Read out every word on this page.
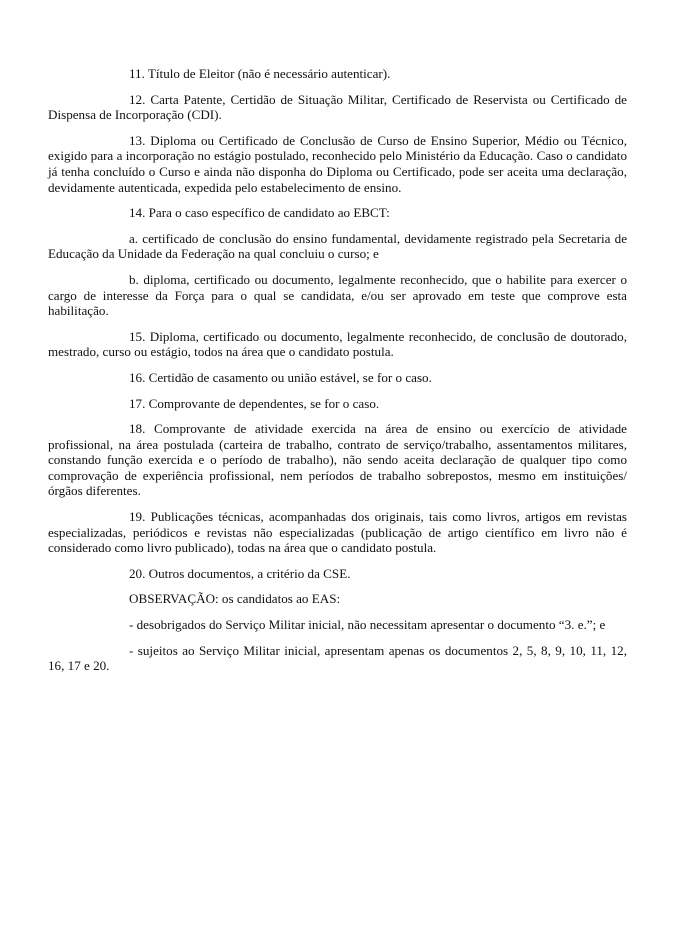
11. Título de Eleitor (não é necessário autenticar).

12. Carta Patente, Certidão de Situação Militar, Certificado de Reservista ou Certificado de Dispensa de Incorporação (CDI).

13. Diploma ou Certificado de Conclusão de Curso de Ensino Superior, Médio ou Técnico, exigido para a incorporação no estágio postulado, reconhecido pelo Ministério da Educação. Caso o candidato já tenha concluído o Curso e ainda não disponha do Diploma ou Certificado, pode ser aceita uma declaração, devidamente autenticada, expedida pelo estabelecimento de ensino.

14. Para o caso específico de candidato ao EBCT:

a. certificado de conclusão do ensino fundamental, devidamente registrado pela Secretaria de Educação da Unidade da Federação na qual concluiu o curso; e

b. diploma, certificado ou documento, legalmente reconhecido, que o habilite para exercer o cargo de interesse da Força para o qual se candidata, e/ou ser aprovado em teste que comprove esta habilitação.

15. Diploma, certificado ou documento, legalmente reconhecido, de conclusão de doutorado, mestrado, curso ou estágio, todos na área que o candidato postula.

16. Certidão de casamento ou união estável, se for o caso.

17. Comprovante de dependentes, se for o caso.

18. Comprovante de atividade exercida na área de ensino ou exercício de atividade profissional, na área postulada (carteira de trabalho, contrato de serviço/trabalho, assentamentos militares, constando função exercida e o período de trabalho), não sendo aceita declaração de qualquer tipo como comprovação de experiência profissional, nem períodos de trabalho sobrepostos, mesmo em instituições/órgãos diferentes.

19. Publicações técnicas, acompanhadas dos originais, tais como livros, artigos em revistas especializadas, periódicos e revistas não especializadas (publicação de artigo científico em livro não é considerado como livro publicado), todas na área que o candidato postula.

20. Outros documentos, a critério da CSE.

OBSERVAÇÃO: os candidatos ao EAS:

- desobrigados do Serviço Militar inicial, não necessitam apresentar o documento “3. e.”; e

- sujeitos ao Serviço Militar inicial, apresentam apenas os documentos 2, 5, 8, 9, 10, 11, 12, 16, 17 e 20.
